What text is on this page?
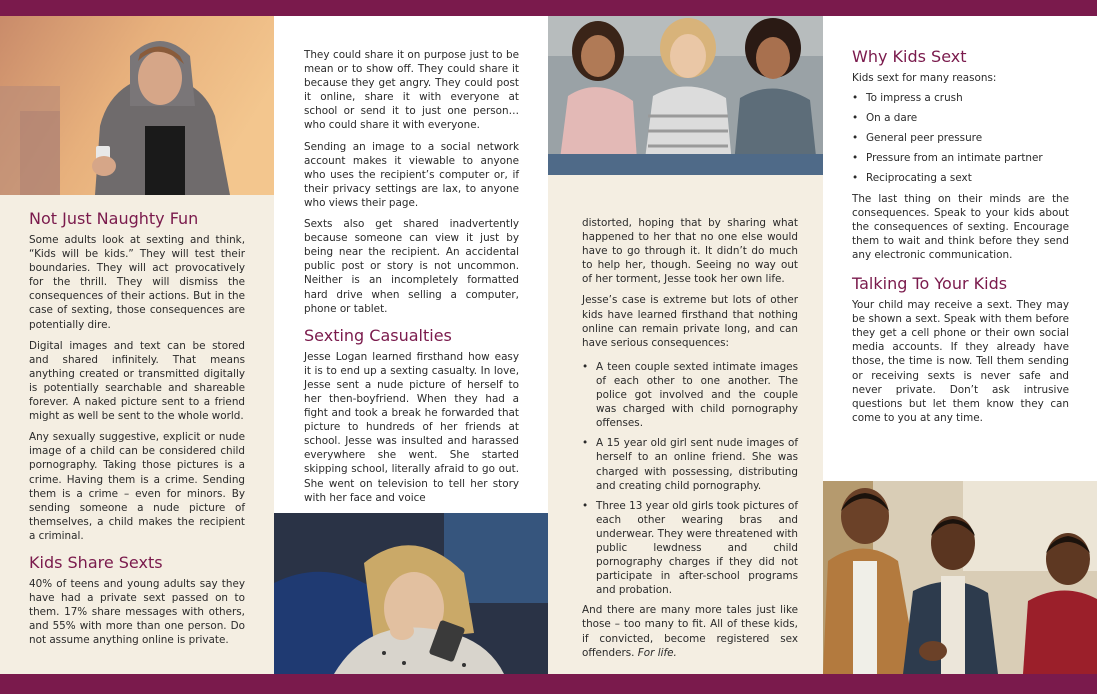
Not Just Naughty Fun

Some adults look at sexting and think, “Kids will be kids.” They will test their boundaries. They will act provocatively for the thrill. They will dismiss the consequences of their actions. But in the case of sexting, those consequences are potentially dire.

Digital images and text can be stored and shared infinitely. That means anything created or transmitted digitally is potentially searchable and shareable forever. A naked picture sent to a friend might as well be sent to the whole world.

Any sexually suggestive, explicit or nude image of a child can be considered child pornography. Taking those pictures is a crime. Having them is a crime. Sending them is a crime – even for minors. By sending someone a nude picture of themselves, a child makes the recipient a criminal.

Kids Share Sexts

40% of teens and young adults say they have had a private sext passed on to them. 17% share messages with others, and 55% with more than one person. Do not assume anything online is private.

They could share it on purpose just to be mean or to show off. They could share it because they get angry. They could post it online, share it with everyone at school or send it to just one person… who could share it with everyone.

Sending an image to a social network account makes it viewable to anyone who uses the recipient’s computer or, if their privacy settings are lax, to anyone who views their page.

Sexts also get shared inadvertently because someone can view it just by being near the recipient. An accidental public post or story is not uncommon. Neither is an incompletely formatted hard drive when selling a computer, phone or tablet.

Sexting Casualties

Jesse Logan learned firsthand how easy it is to end up a sexting casualty. In love, Jesse sent a nude picture of herself to her then-boyfriend. When they had a fight and took a break he forwarded that picture to hundreds of her friends at school. Jesse was insulted and harassed everywhere she went. She started skipping school, literally afraid to go out. She went on television to tell her story with her face and voice

distorted, hoping that by sharing what happened to her that no one else would have to go through it. It didn’t do much to help her, though. Seeing no way out of her torment, Jesse took her own life.

Jesse’s case is extreme but lots of other kids have learned firsthand that nothing online can remain private long, and can have serious consequences:

• A teen couple sexted intimate images of each other to one another. The police got involved and the couple was charged with child pornography offenses.
• A 15 year old girl sent nude images of herself to an online friend. She was charged with possessing, distributing and creating child pornography.
• Three 13 year old girls took pictures of each other wearing bras and underwear. They were threatened with public lewdness and child pornography charges if they did not participate in after-school programs and probation.

And there are many more tales just like those – too many to fit. All of these kids, if convicted, become registered sex offenders. For life.

Why Kids Sext

Kids sext for many reasons:

• To impress a crush
• On a dare
• General peer pressure
• Pressure from an intimate partner
• Reciprocating a sext

The last thing on their minds are the consequences. Speak to your kids about the consequences of sexting. Encourage them to wait and think before they send any electronic communication.

Talking To Your Kids

Your child may receive a sext. They may be shown a sext. Speak with them before they get a cell phone or their own social media accounts. If they already have those, the time is now. Tell them sending or receiving sexts is never safe and never private. Don’t ask intrusive questions but let them know they can come to you at any time.
